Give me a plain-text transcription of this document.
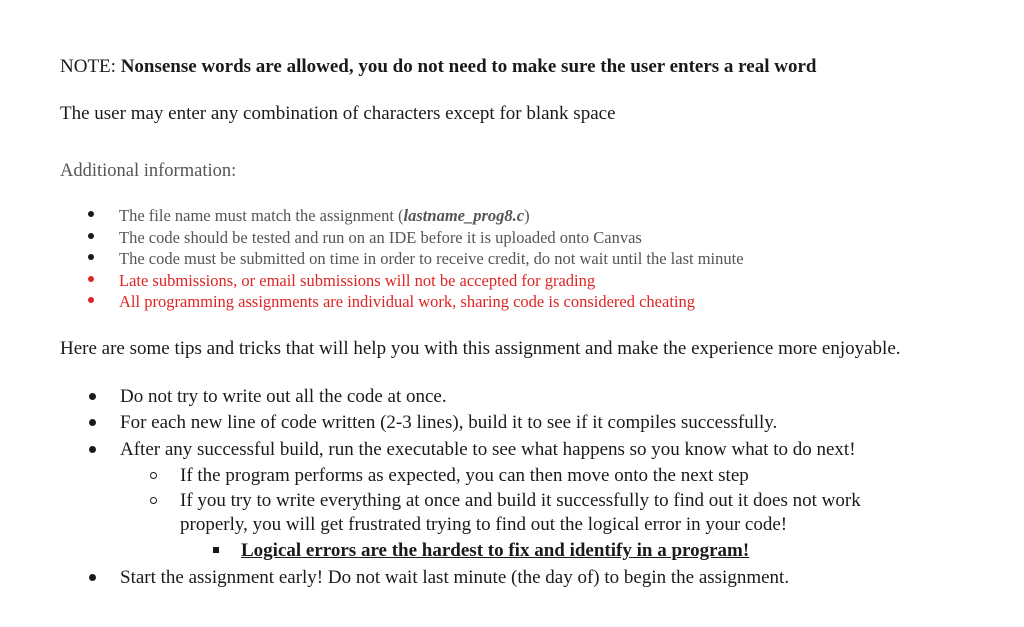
NOTE: Nonsense words are allowed, you do not need to make sure the user enters a real word
The user may enter any combination of characters except for blank space
Additional information:
The file name must match the assignment (lastname_prog8.c)
The code should be tested and run on an IDE before it is uploaded onto Canvas
The code must be submitted on time in order to receive credit, do not wait until the last minute
Late submissions, or email submissions will not be accepted for grading
All programming assignments are individual work, sharing code is considered cheating
Here are some tips and tricks that will help you with this assignment and make the experience more enjoyable.
Do not try to write out all the code at once.
For each new line of code written (2-3 lines), build it to see if it compiles successfully.
After any successful build, run the executable to see what happens so you know what to do next!
If the program performs as expected, you can then move onto the next step
If you try to write everything at once and build it successfully to find out it does not work
properly, you will get frustrated trying to find out the logical error in your code!
Logical errors are the hardest to fix and identify in a program!
Start the assignment early! Do not wait last minute (the day of) to begin the assignment.
